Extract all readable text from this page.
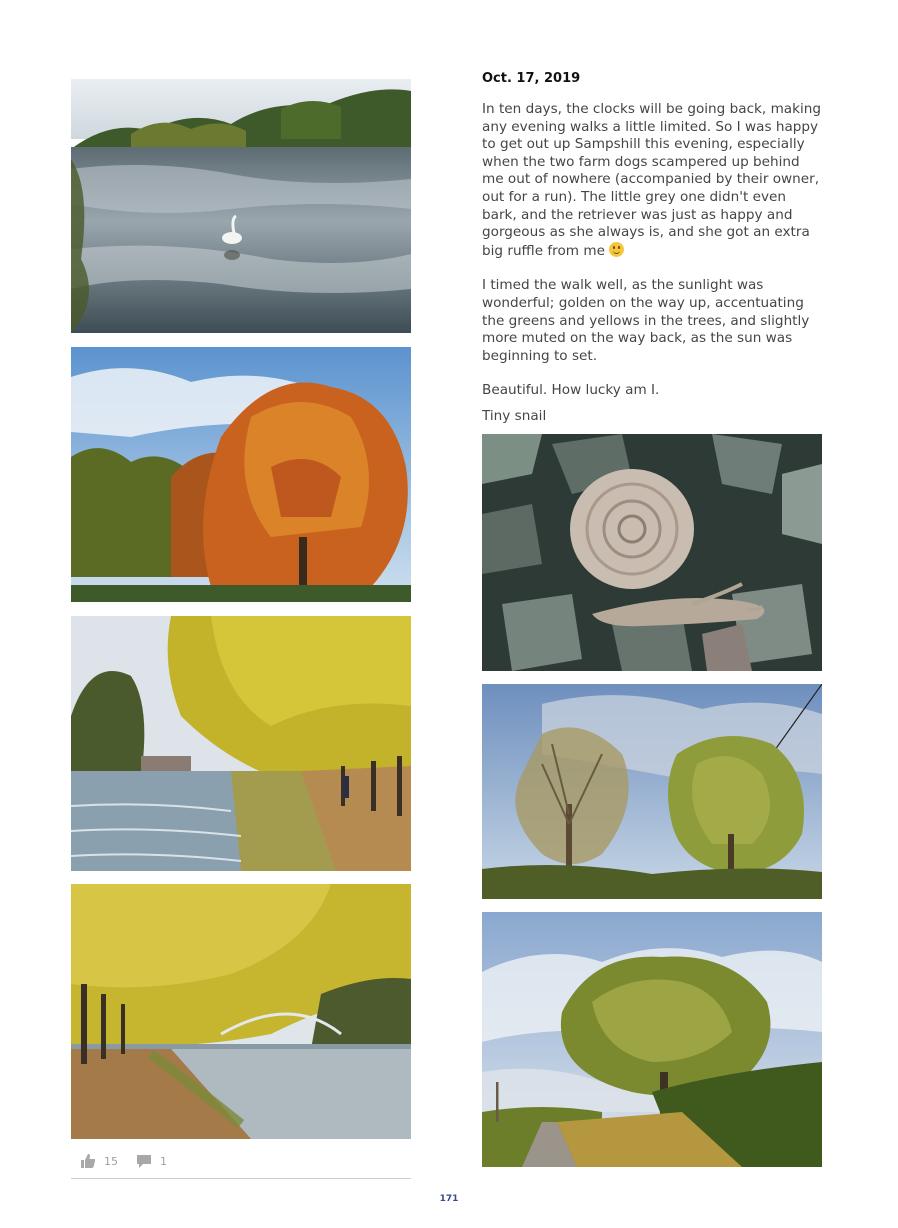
15	1
Oct. 17, 2019

In ten days, the clocks will be going back, making any evening walks a little limited. So I was happy to get out up Sampshill this evening, especially when the two farm dogs scampered up behind me out of nowhere (accompanied by their owner, out for a run). The little grey one didn't even bark, and the retriever was just as happy and gorgeous as she always is, and she got an extra big ruffle from me

I timed the walk well, as the sunlight was wonderful; golden on the way up, accentuating the greens and yellows in the trees, and slightly more muted on the way back, as the sun was beginning to set.

Beautiful. How lucky am I.

Tiny snail

171
